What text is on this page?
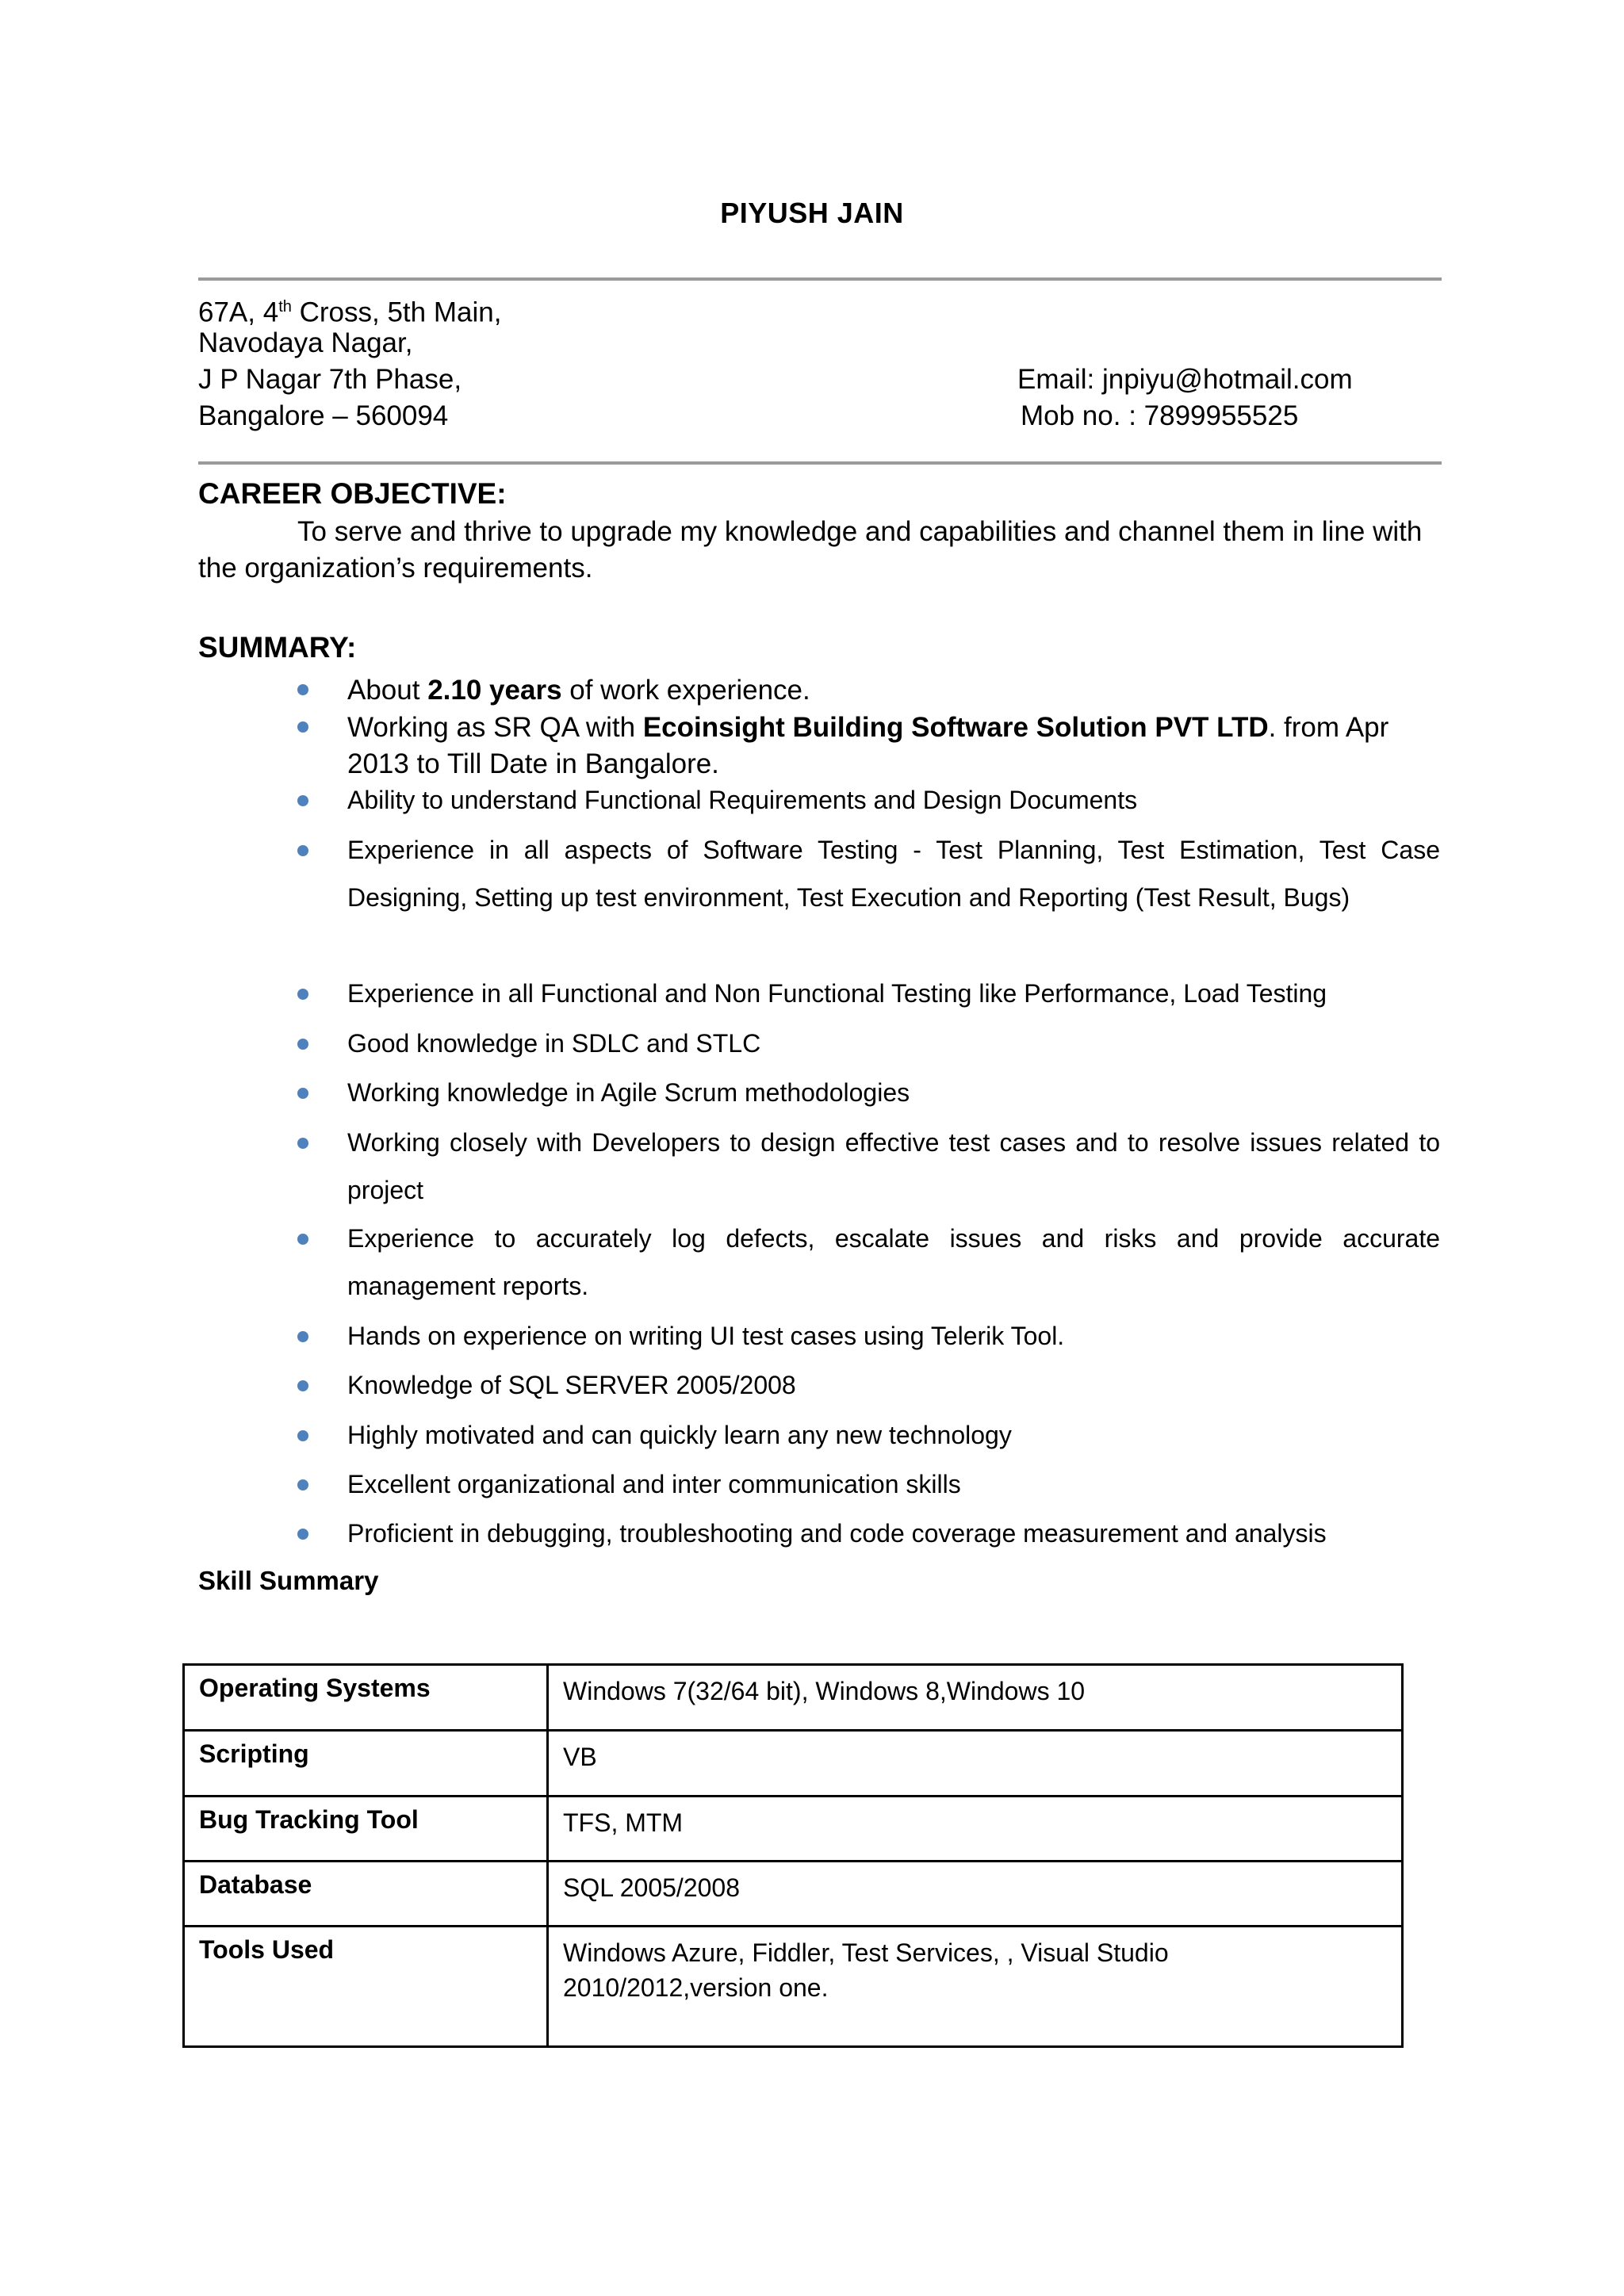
PIYUSH JAIN
67A, 4th Cross, 5th Main,
Navodaya Nagar,
J P Nagar 7th Phase,
Bangalore – 560094
Email: jnpiyu@hotmail.com
Mob no. : 7899955525
CAREER OBJECTIVE:
To serve and thrive to upgrade my knowledge and capabilities and channel them in line with
the organization’s requirements.
SUMMARY:
About 2.10 years of work experience.
Working as SR QA with Ecoinsight Building Software Solution PVT LTD. from Apr 2013 to Till Date in Bangalore.
Ability to understand Functional Requirements and Design Documents
Experience in all aspects of Software Testing - Test Planning, Test Estimation, Test Case Designing, Setting up test environment, Test Execution and Reporting (Test Result, Bugs)
Experience in all Functional and Non Functional Testing like Performance, Load Testing
Good knowledge in SDLC and STLC
Working knowledge in Agile Scrum methodologies
Working closely with Developers to design effective test cases and to resolve issues related to project
Experience to accurately log defects, escalate issues and risks and provide accurate management reports.
Hands on experience on writing UI test cases using Telerik Tool.
Knowledge of SQL SERVER 2005/2008
Highly motivated and can quickly learn any new technology
Excellent organizational and inter communication skills
Proficient in debugging, troubleshooting and code coverage measurement and analysis
Skill Summary
Operating Systems	Windows 7(32/64 bit), Windows 8,Windows 10
Scripting	VB
Bug Tracking Tool	TFS, MTM
Database	SQL 2005/2008
Tools Used	Windows Azure, Fiddler, Test Services, , Visual Studio 2010/2012,version one.
